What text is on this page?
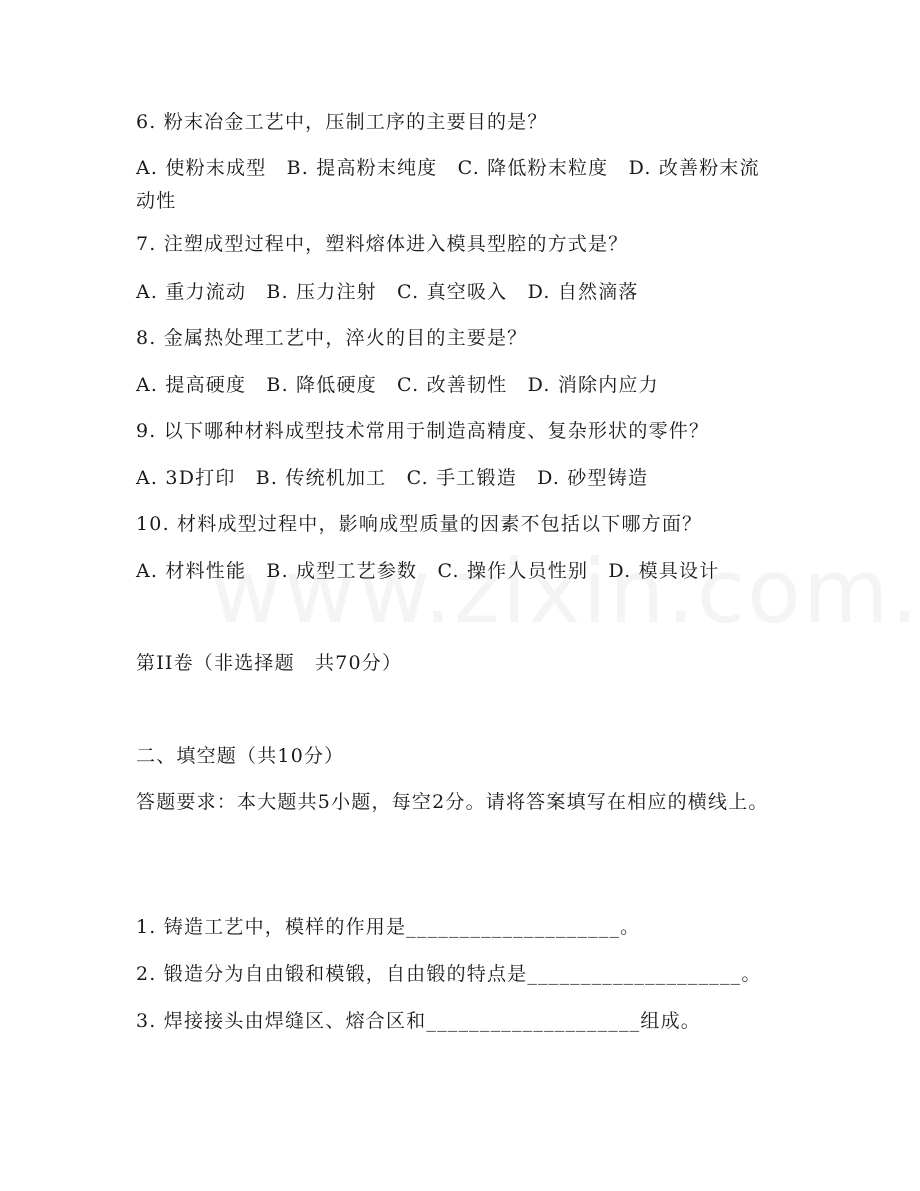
6. 粉末冶金工艺中，压制工序的主要目的是？
A. 使粉末成型　B. 提高粉末纯度　C. 降低粉末粒度　D. 改善粉末流动性
7. 注塑成型过程中，塑料熔体进入模具型腔的方式是？
A. 重力流动　B. 压力注射　C. 真空吸入　D. 自然滴落
8. 金属热处理工艺中，淬火的目的主要是？
A. 提高硬度　B. 降低硬度　C. 改善韧性　D. 消除内应力
9. 以下哪种材料成型技术常用于制造高精度、复杂形状的零件？
A. 3D打印　B. 传统机加工　C. 手工锻造　D. 砂型铸造
10. 材料成型过程中，影响成型质量的因素不包括以下哪方面？
A. 材料性能　B. 成型工艺参数　C. 操作人员性别　D. 模具设计
第II卷（非选择题　共70分）
二、填空题（共10分）
答题要求：本大题共5小题，每空2分。请将答案填写在相应的横线上。
1. 铸造工艺中，模样的作用是____________________。
2. 锻造分为自由锻和模锻，自由锻的特点是____________________。
3. 焊接接头由焊缝区、熔合区和____________________组成。
